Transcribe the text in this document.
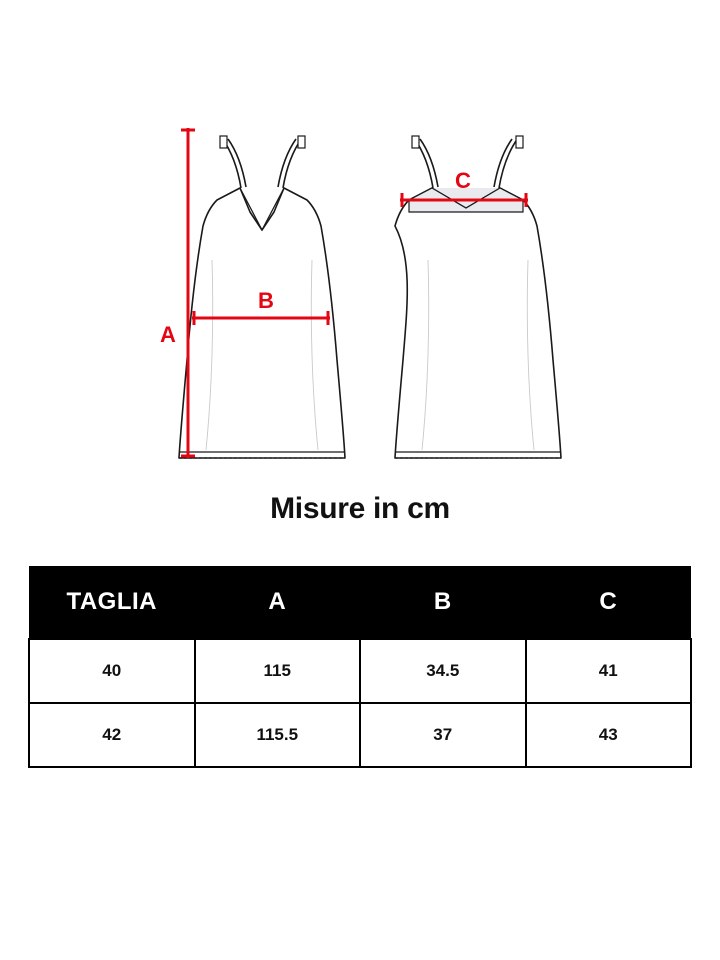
A
B
C
Misure in cm
TAGLIA	A	B	C
40	115	34.5	41
42	115.5	37	43
